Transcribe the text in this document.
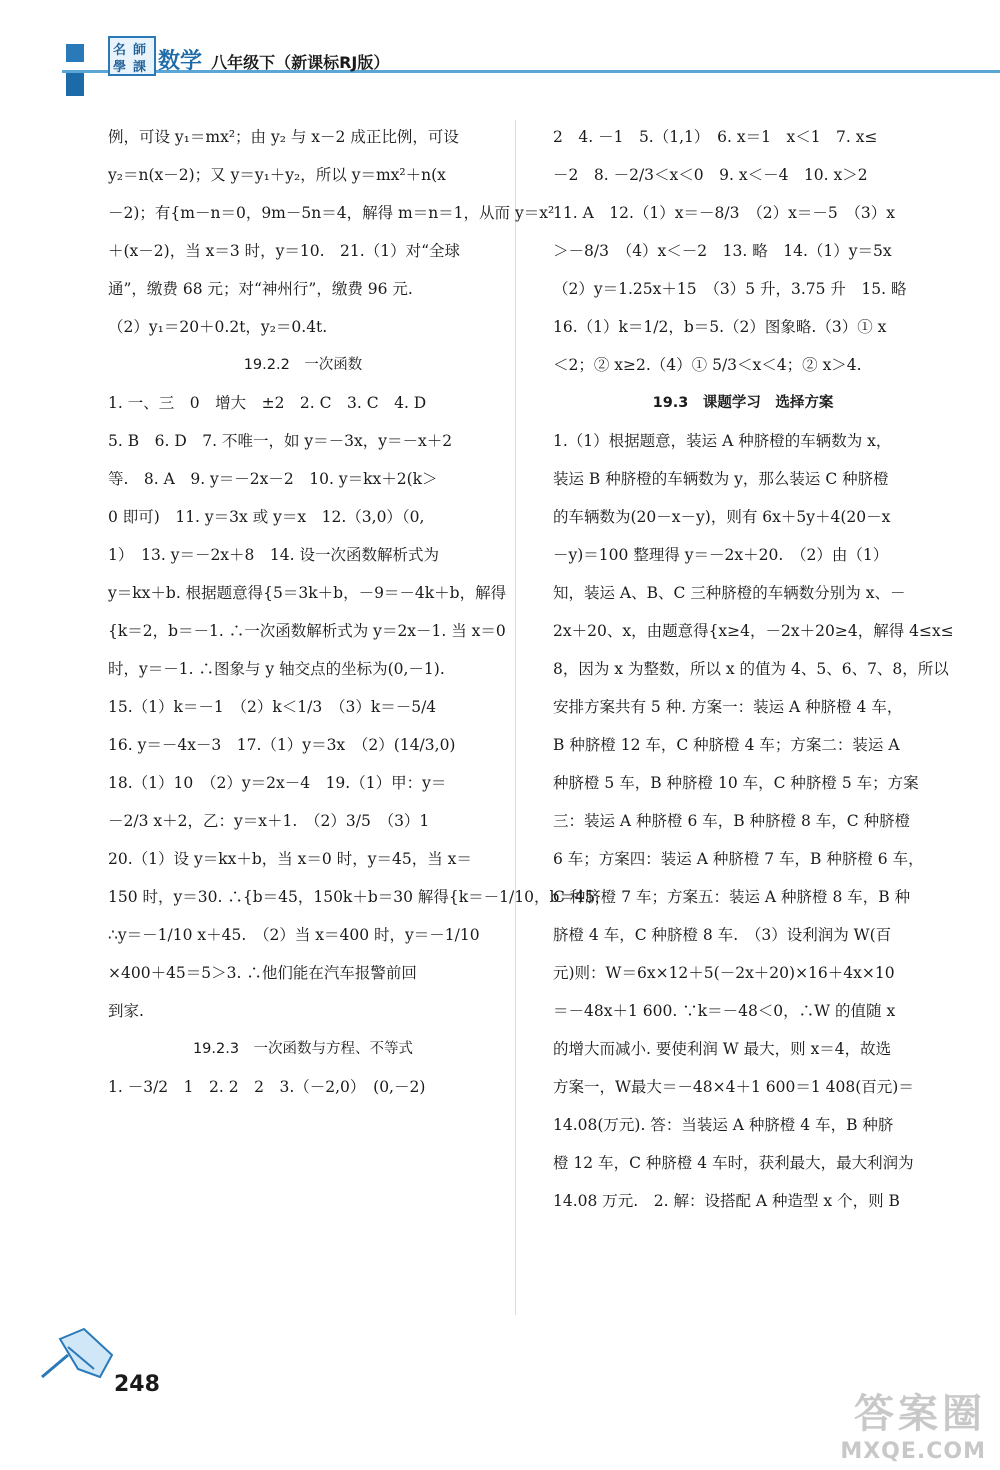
名 師
學 課 数学 八年级下（新课标RJ版）
例，可设 y₁＝mx²；由 y₂ 与 x－2 成正比例，可设
y₂＝n(x－2)；又 y＝y₁＋y₂，所以 y＝mx²＋n(x
－2)；有{m－n＝0，9m－5n＝4，解得 m＝n＝1，从而 y＝x²
＋(x－2)，当 x＝3 时，y＝10.　21.（1）对“全球
通”，缴费 68 元；对“神州行”，缴费 96 元.
（2）y₁＝20＋0.2t，y₂＝0.4t.
19.2.2　一次函数
1. 一、三　0　增大　±2　2. C　3. C　4. D
5. B　6. D　7. 不唯一，如 y＝－3x，y＝－x＋2
等.　8. A　9. y＝－2x－2　10. y＝kx＋2(k＞
0 即可)　11. y＝3x 或 y＝x　12.（3,0）（0,
1）　13. y＝－2x＋8　14. 设一次函数解析式为
y＝kx＋b. 根据题意得{5＝3k＋b，－9＝－4k＋b，解得
{k＝2，b＝－1. ∴一次函数解析式为 y＝2x－1. 当 x＝0
时，y＝－1. ∴图象与 y 轴交点的坐标为(0,－1).
15.（1）k＝－1　（2）k＜1/3　（3）k＝－5/4
16. y＝－4x－3　17.（1）y＝3x　（2）(14/3,0)
18.（1）10　（2）y＝2x－4　19.（1）甲：y＝
－2/3 x＋2，乙：y＝x＋1.　（2）3/5　（3）1
20.（1）设 y＝kx＋b，当 x＝0 时，y＝45，当 x＝
150 时，y＝30. ∴{b＝45，150k＋b＝30 解得{k＝－1/10，b＝45，
∴y＝－1/10 x＋45.　（2）当 x＝400 时，y＝－1/10
×400＋45＝5＞3. ∴他们能在汽车报警前回
到家.
19.2.3　一次函数与方程、不等式
1. －3/2　1　2. 2　2　3.（－2,0）　(0,－2)
2　4. －1　5.（1,1）　6. x＝1　x＜1　7. x≤
－2　8. －2/3＜x＜0　9. x＜－4　10. x＞2
11. A　12.（1）x＝－8/3　（2）x＝－5　（3）x
＞－8/3　（4）x＜－2　13. 略　14.（1）y＝5x
（2）y＝1.25x＋15　（3）5 升，3.75 升　15. 略
16.（1）k＝1/2，b＝5.（2）图象略.（3）① x
＜2；② x≥2.（4）① 5/3＜x＜4；② x＞4.
19.3　课题学习　选择方案
1.（1）根据题意，装运 A 种脐橙的车辆数为 x，
装运 B 种脐橙的车辆数为 y，那么装运 C 种脐橙
的车辆数为(20－x－y)，则有 6x＋5y＋4(20－x
－y)＝100 整理得 y＝－2x＋20.　（2）由（1）
知，装运 A、B、C 三种脐橙的车辆数分别为 x、－
2x＋20、x，由题意得{x≥4，－2x＋20≥4，解得 4≤x≤
8，因为 x 为整数，所以 x 的值为 4、5、6、7、8，所以
安排方案共有 5 种. 方案一：装运 A 种脐橙 4 车，
B 种脐橙 12 车，C 种脐橙 4 车；方案二：装运 A
种脐橙 5 车，B 种脐橙 10 车，C 种脐橙 5 车；方案
三：装运 A 种脐橙 6 车，B 种脐橙 8 车，C 种脐橙
6 车；方案四：装运 A 种脐橙 7 车，B 种脐橙 6 车，
C 种脐橙 7 车；方案五：装运 A 种脐橙 8 车，B 种
脐橙 4 车，C 种脐橙 8 车.　（3）设利润为 W(百
元)则：W＝6x×12＋5(－2x＋20)×16＋4x×10
＝－48x＋1 600. ∵k＝－48＜0，∴W 的值随 x
的增大而减小. 要使利润 W 最大，则 x＝4，故选
方案一，W最大＝－48×4＋1 600＝1 408(百元)＝
14.08(万元). 答：当装运 A 种脐橙 4 车，B 种脐
橙 12 车，C 种脐橙 4 车时，获利最大，最大利润为
14.08 万元.　2. 解：设搭配 A 种造型 x 个，则 B
248
答案圈
MXQE.COM
